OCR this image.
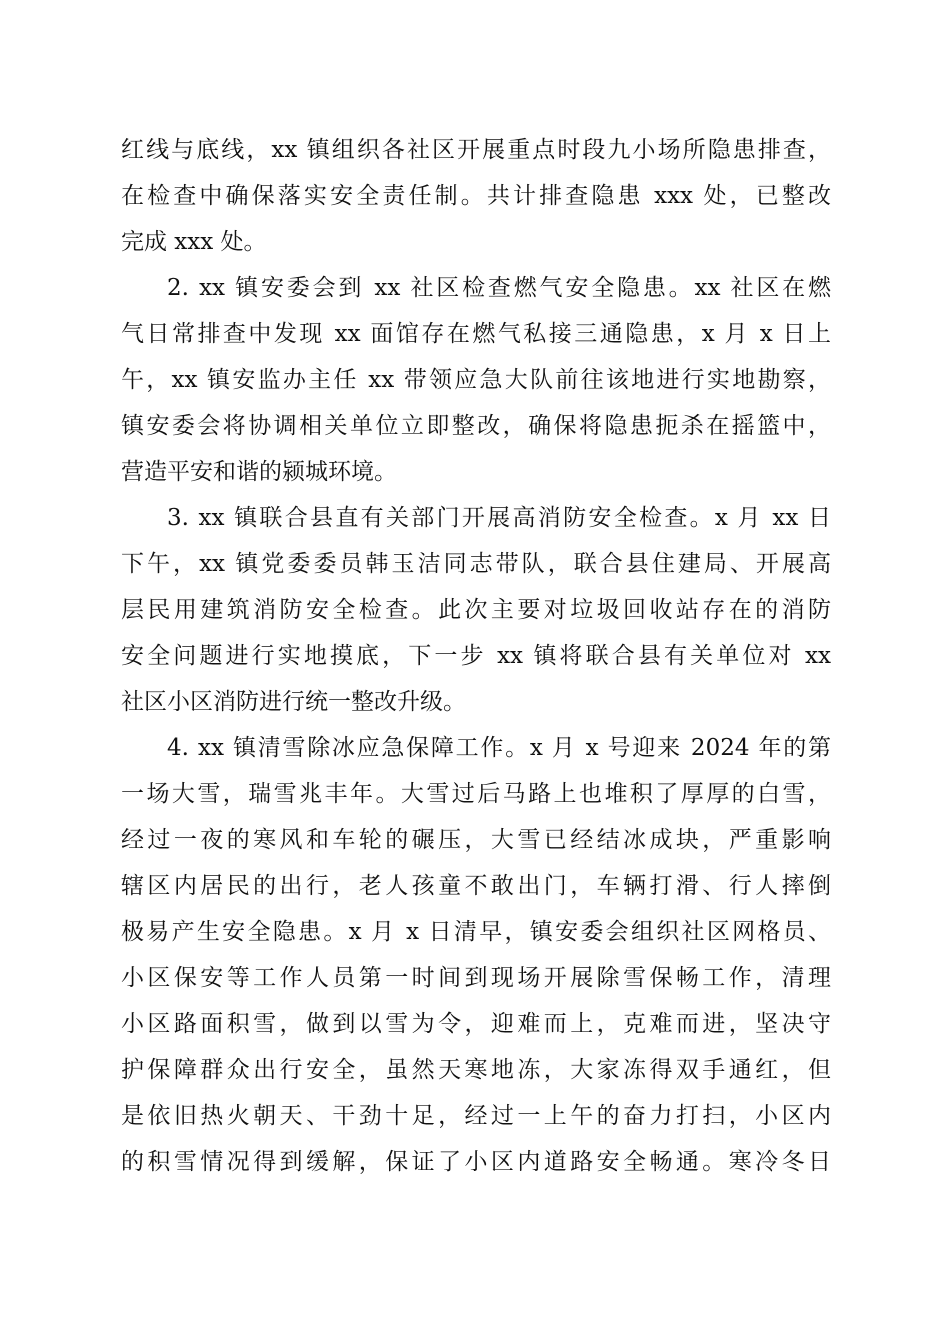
红线与底线，xx 镇组织各社区开展重点时段九小场所隐患排查，
在检查中确保落实安全责任制。共计排查隐患 xxx 处，已整改
完成 xxx 处。
2. xx 镇安委会到 xx 社区检查燃气安全隐患。xx 社区在燃
气日常排查中发现 xx 面馆存在燃气私接三通隐患，x 月 x 日上
午，xx 镇安监办主任 xx 带领应急大队前往该地进行实地勘察，
镇安委会将协调相关单位立即整改，确保将隐患扼杀在摇篮中，
营造平安和谐的颍城环境。
3. xx 镇联合县直有关部门开展高消防安全检查。x 月 xx 日
下午，xx 镇党委委员韩玉洁同志带队，联合县住建局、开展高
层民用建筑消防安全检查。此次主要对垃圾回收站存在的消防
安全问题进行实地摸底，下一步 xx 镇将联合县有关单位对 xx
社区小区消防进行统一整改升级。
4. xx 镇清雪除冰应急保障工作。x 月 x 号迎来 2024 年的第
一场大雪，瑞雪兆丰年。大雪过后马路上也堆积了厚厚的白雪，
经过一夜的寒风和车轮的碾压，大雪已经结冰成块，严重影响
辖区内居民的出行，老人孩童不敢出门，车辆打滑、行人摔倒
极易产生安全隐患。x 月 x 日清早，镇安委会组织社区网格员、
小区保安等工作人员第一时间到现场开展除雪保畅工作，清理
小区路面积雪，做到以雪为令，迎难而上，克难而进，坚决守
护保障群众出行安全，虽然天寒地冻，大家冻得双手通红，但
是依旧热火朝天、干劲十足，经过一上午的奋力打扫，小区内
的积雪情况得到缓解，保证了小区内道路安全畅通。寒冷冬日
